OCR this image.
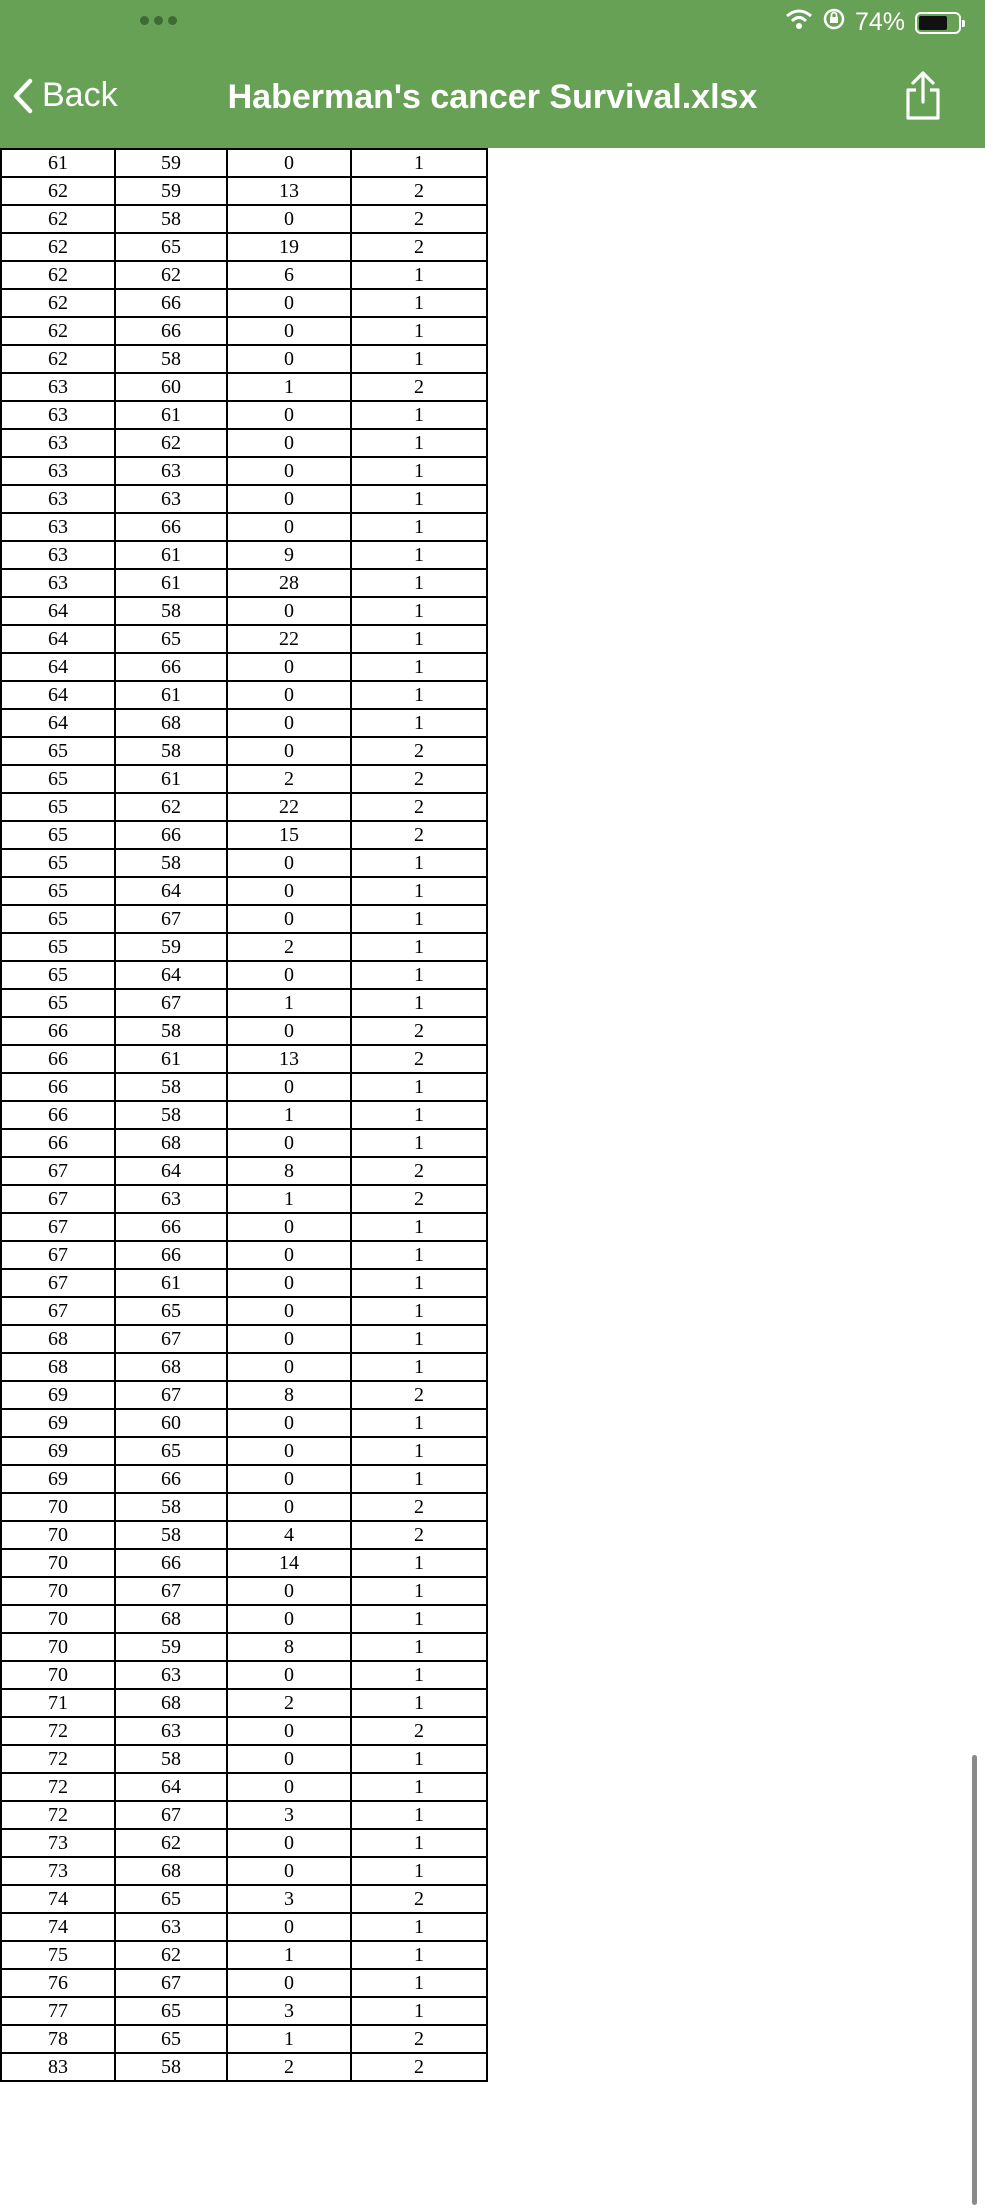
74%
Back	Haberman's cancer Survival.xlsx
61	59	0	1
62	59	13	2
62	58	0	2
62	65	19	2
62	62	6	1
62	66	0	1
62	66	0	1
62	58	0	1
63	60	1	2
63	61	0	1
63	62	0	1
63	63	0	1
63	63	0	1
63	66	0	1
63	61	9	1
63	61	28	1
64	58	0	1
64	65	22	1
64	66	0	1
64	61	0	1
64	68	0	1
65	58	0	2
65	61	2	2
65	62	22	2
65	66	15	2
65	58	0	1
65	64	0	1
65	67	0	1
65	59	2	1
65	64	0	1
65	67	1	1
66	58	0	2
66	61	13	2
66	58	0	1
66	58	1	1
66	68	0	1
67	64	8	2
67	63	1	2
67	66	0	1
67	66	0	1
67	61	0	1
67	65	0	1
68	67	0	1
68	68	0	1
69	67	8	2
69	60	0	1
69	65	0	1
69	66	0	1
70	58	0	2
70	58	4	2
70	66	14	1
70	67	0	1
70	68	0	1
70	59	8	1
70	63	0	1
71	68	2	1
72	63	0	2
72	58	0	1
72	64	0	1
72	67	3	1
73	62	0	1
73	68	0	1
74	65	3	2
74	63	0	1
75	62	1	1
76	67	0	1
77	65	3	1
78	65	1	2
83	58	2	2
